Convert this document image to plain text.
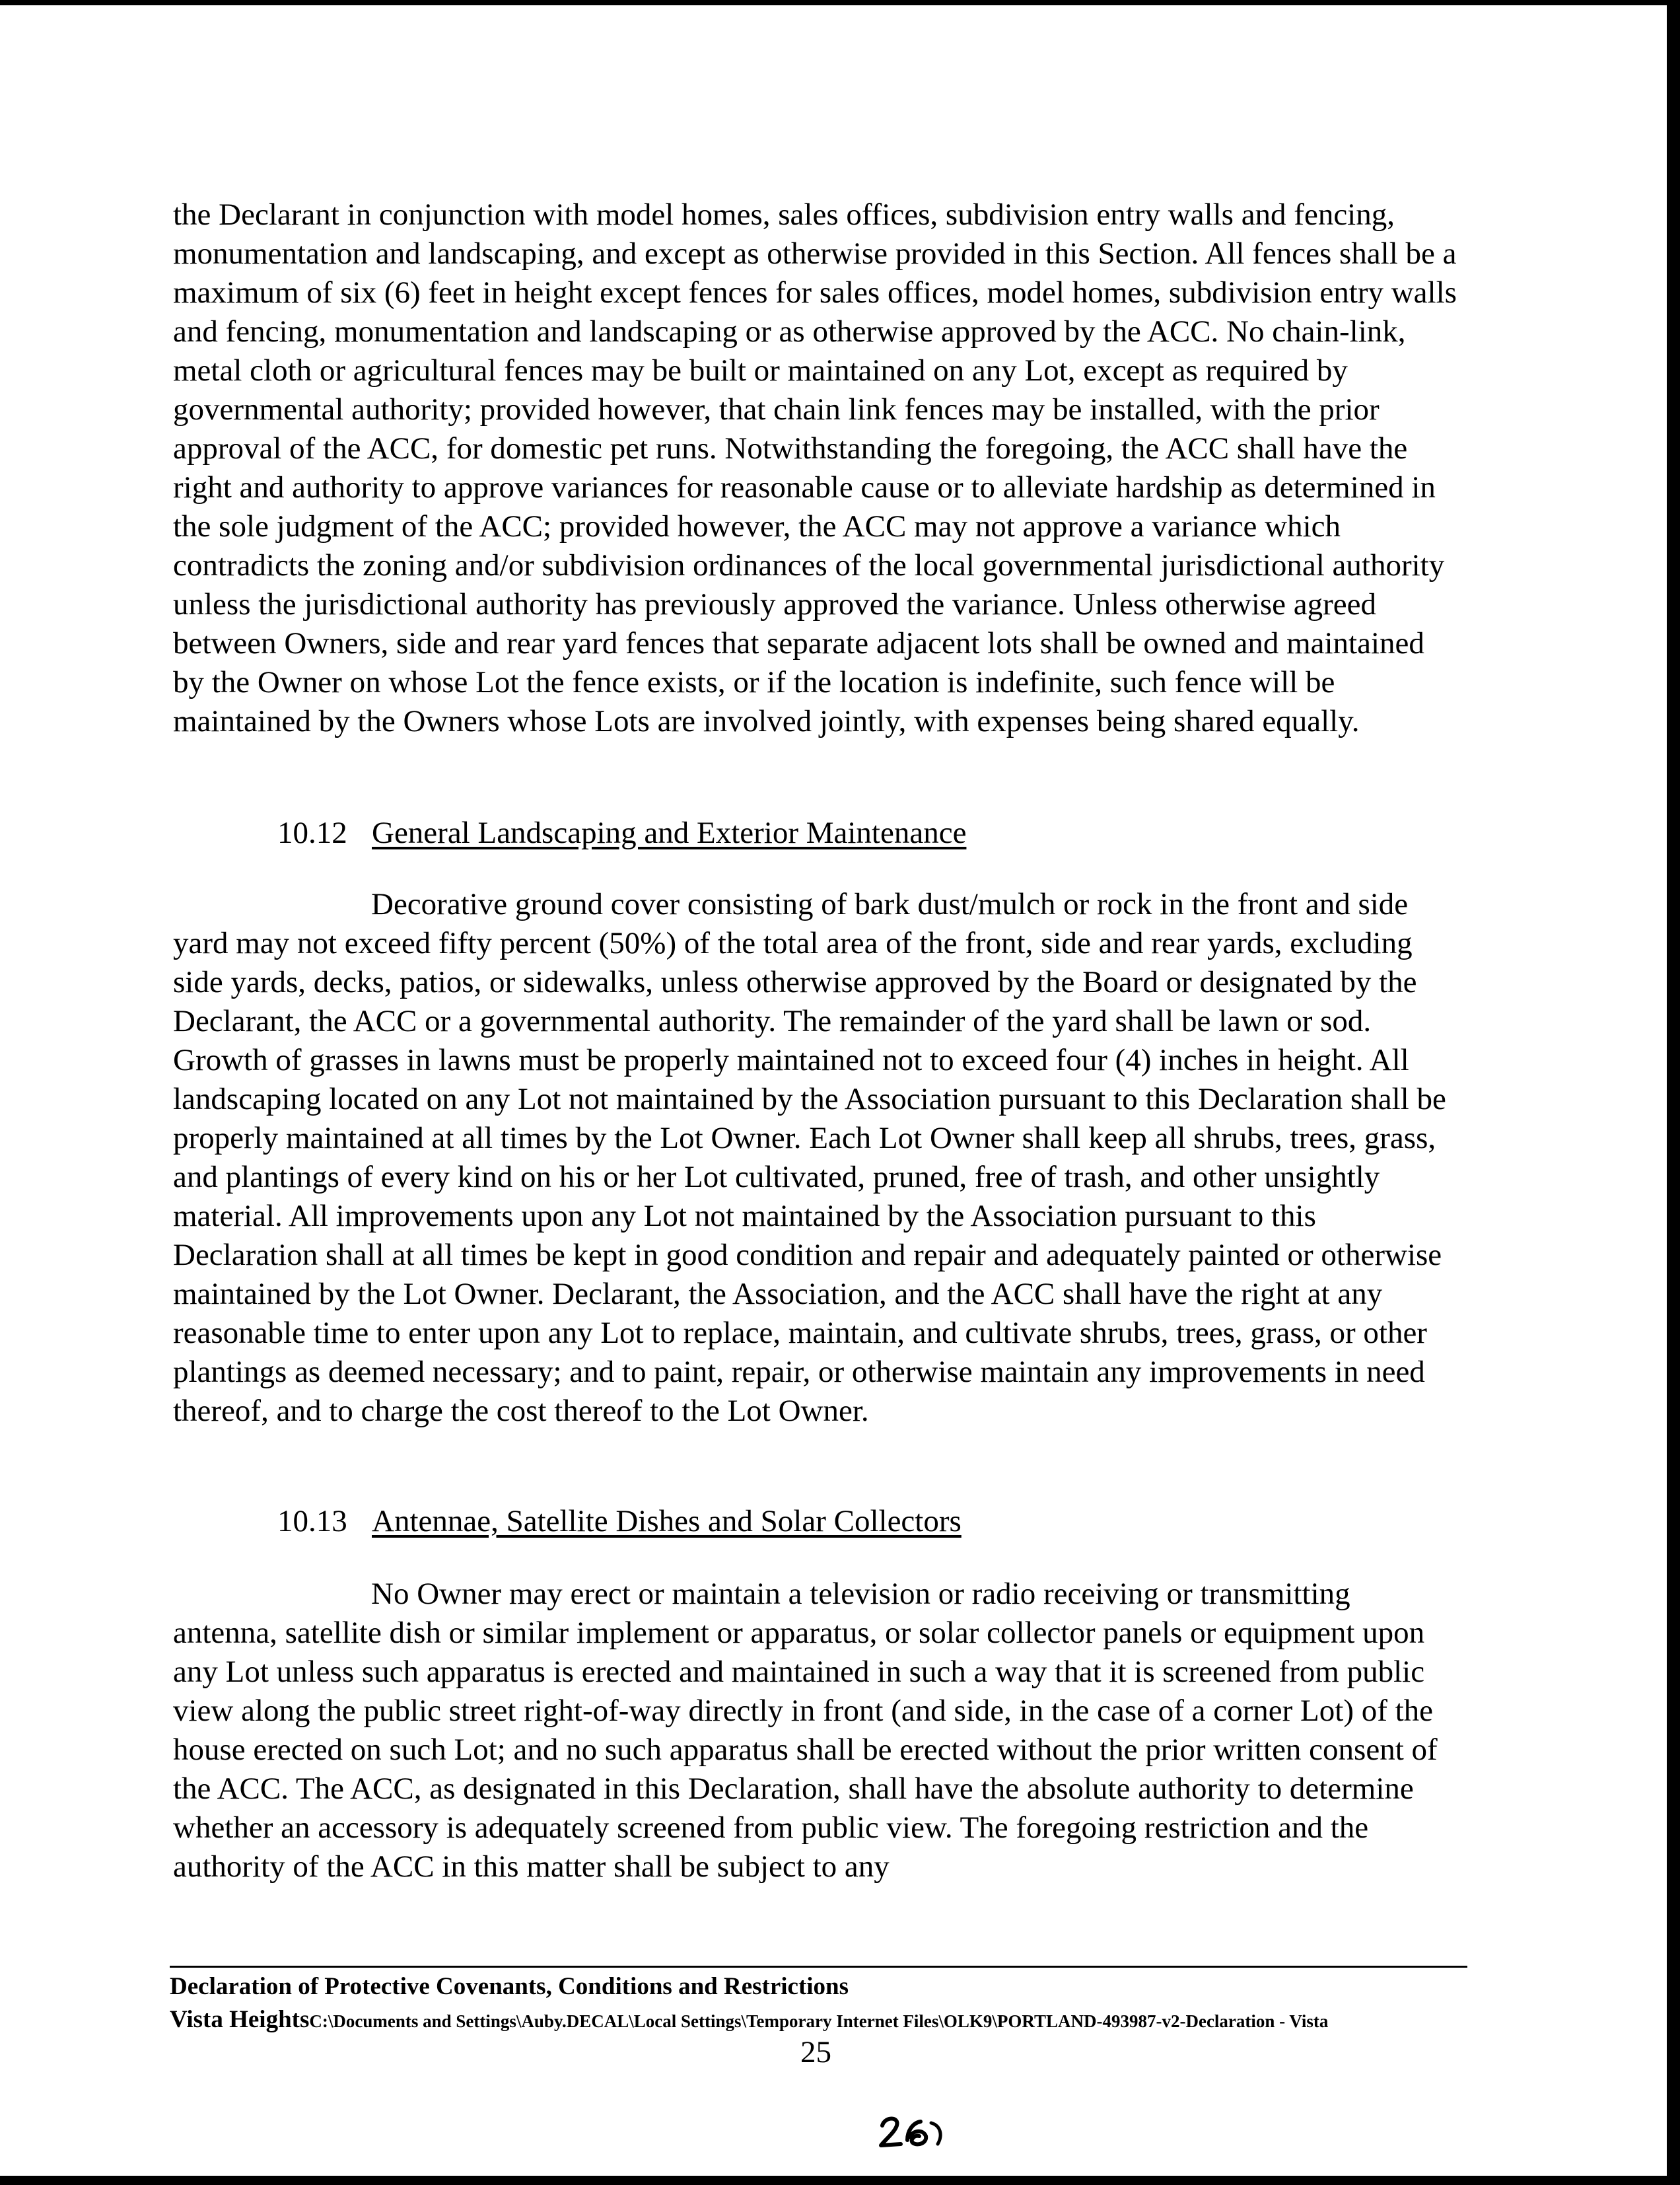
the Declarant in conjunction with model homes, sales offices, subdivision entry walls and fencing, monumentation and landscaping, and except as otherwise provided in this Section. All fences shall be a maximum of six (6) feet in height except fences for sales offices, model homes, subdivision entry walls and fencing, monumentation and landscaping or as otherwise approved by the ACC. No chain-link, metal cloth or agricultural fences may be built or maintained on any Lot, except as required by governmental authority; provided however, that chain link fences may be installed, with the prior approval of the ACC, for domestic pet runs. Notwithstanding the foregoing, the ACC shall have the right and authority to approve variances for reasonable cause or to alleviate hardship as determined in the sole judgment of the ACC; provided however, the ACC may not approve a variance which contradicts the zoning and/or subdivision ordinances of the local governmental jurisdictional authority unless the jurisdictional authority has previously approved the variance. Unless otherwise agreed between Owners, side and rear yard fences that separate adjacent lots shall be owned and maintained by the Owner on whose Lot the fence exists, or if the location is indefinite, such fence will be maintained by the Owners whose Lots are involved jointly, with expenses being shared equally.

10.12 General Landscaping and Exterior Maintenance

Decorative ground cover consisting of bark dust/mulch or rock in the front and side yard may not exceed fifty percent (50%) of the total area of the front, side and rear yards, excluding side yards, decks, patios, or sidewalks, unless otherwise approved by the Board or designated by the Declarant, the ACC or a governmental authority. The remainder of the yard shall be lawn or sod. Growth of grasses in lawns must be properly maintained not to exceed four (4) inches in height. All landscaping located on any Lot not maintained by the Association pursuant to this Declaration shall be properly maintained at all times by the Lot Owner. Each Lot Owner shall keep all shrubs, trees, grass, and plantings of every kind on his or her Lot cultivated, pruned, free of trash, and other unsightly material. All improvements upon any Lot not maintained by the Association pursuant to this Declaration shall at all times be kept in good condition and repair and adequately painted or otherwise maintained by the Lot Owner. Declarant, the Association, and the ACC shall have the right at any reasonable time to enter upon any Lot to replace, maintain, and cultivate shrubs, trees, grass, or other plantings as deemed necessary; and to paint, repair, or otherwise maintain any improvements in need thereof, and to charge the cost thereof to the Lot Owner.

10.13 Antennae, Satellite Dishes and Solar Collectors

No Owner may erect or maintain a television or radio receiving or transmitting antenna, satellite dish or similar implement or apparatus, or solar collector panels or equipment upon any Lot unless such apparatus is erected and maintained in such a way that it is screened from public view along the public street right-of-way directly in front (and side, in the case of a corner Lot) of the house erected on such Lot; and no such apparatus shall be erected without the prior written consent of the ACC. The ACC, as designated in this Declaration, shall have the absolute authority to determine whether an accessory is adequately screened from public view. The foregoing restriction and the authority of the ACC in this matter shall be subject to any

Declaration of Protective Covenants, Conditions and Restrictions
Vista HeightsC:\Documents and Settings\Auby.DECAL\Local Settings\Temporary Internet Files\OLK9\PORTLAND-493987-v2-Declaration - Vista
25
